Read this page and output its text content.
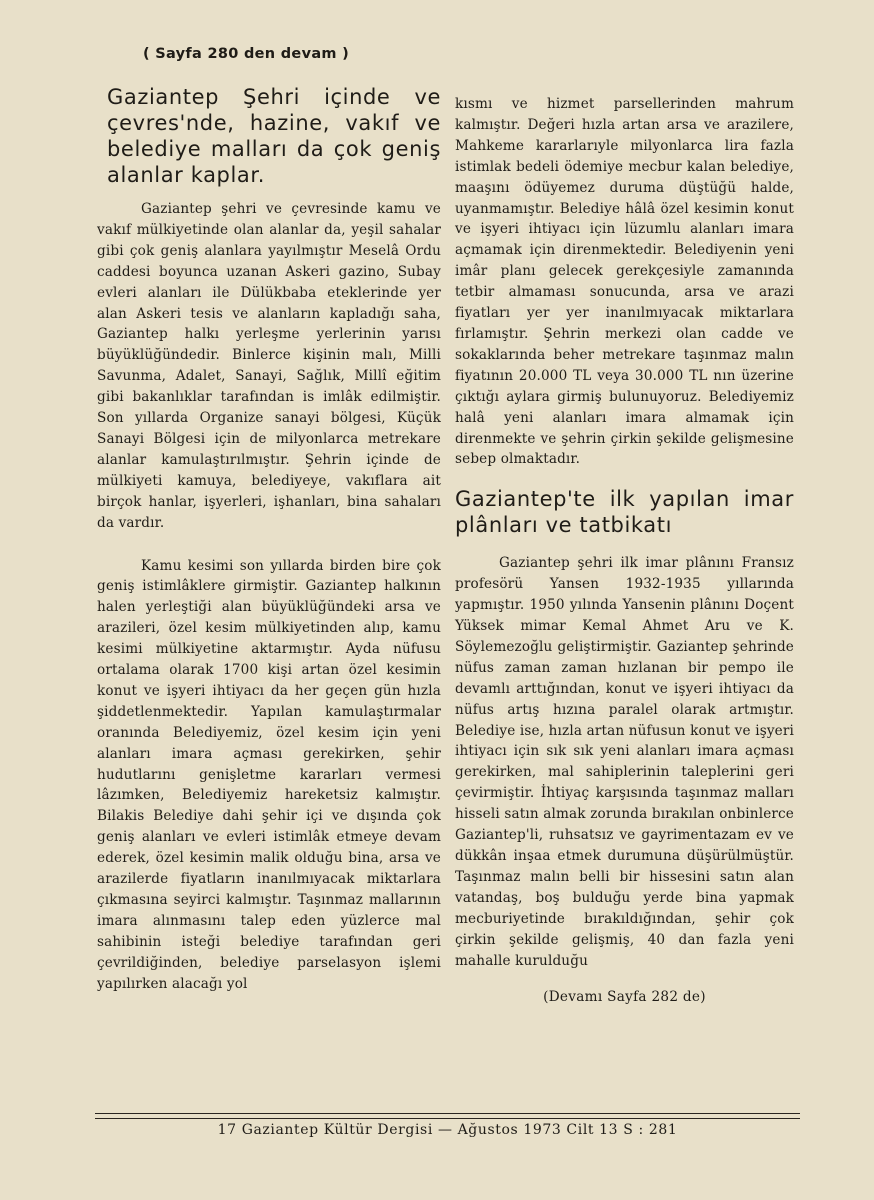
( Sayfa 280 den devam )
Gaziantep Şehri içinde ve çevres'nde, hazine, vakıf ve belediye malları da çok geniş alanlar kaplar.

Gaziantep şehri ve çevresinde kamu ve vakıf mülkiyetinde olan alanlar da, yeşil sahalar gibi çok geniş alanlara yayılmıştır Meselâ Ordu caddesi boyunca uzanan Askeri gazino, Subay evleri alanları ile Dülükbaba eteklerinde yer alan Askeri tesis ve alanların kapladığı saha, Gaziantep halkı yerleşme yerlerinin yarısı büyüklüğündedir. Binlerce kişinin malı, Milli Savunma, Adalet, Sanayi, Sağlık, Millî eğitim gibi bakanlıklar tarafından is imlâk edilmiştir. Son yıllarda Organize sanayi bölgesi, Küçük Sanayi Bölgesi için de milyonlarca metrekare alanlar kamulaştırılmıştır. Şehrin içinde de mülkiyeti kamuya, belediyeye, vakıflara ait birçok hanlar, işyerleri, işhanları, bina sahaları da vardır.

Kamu kesimi son yıllarda birden bire çok geniş istimlâklere girmiştir. Gaziantep halkının halen yerleştiği alan büyüklüğündeki arsa ve arazileri, özel kesim mülkiyetinden alıp, kamu kesimi mülkiyetine aktarmıştır. Ayda nüfusu ortalama olarak 1700 kişi artan özel kesimin konut ve işyeri ihtiyacı da her geçen gün hızla şiddetlenmektedir. Yapılan kamulaştırmalar oranında Belediyemiz, özel kesim için yeni alanları imara açması gerekirken, şehir hudutlarını genişletme kararları vermesi lâzımken, Belediyemiz hareketsiz kalmıştır. Bilakis Belediye dahi şehir içi ve dışında çok geniş alanları ve evleri istimlâk etmeye devam ederek, özel kesimin malik olduğu bina, arsa ve arazilerde fiyatların inanılmıyacak miktarlara çıkmasına seyirci kalmıştır. Taşınmaz mallarının imara alınmasını talep eden yüzlerce mal sahibinin isteği belediye tarafından geri çevrildiğinden, belediye parselasyon işlemi yapılırken alacağı yol

kısmı ve hizmet parsellerinden mahrum kalmıştır. Değeri hızla artan arsa ve arazilere, Mahkeme kararlarıyle milyonlarca lira fazla istimlak bedeli ödemiye mecbur kalan belediye, maaşını ödüyemez duruma düştüğü halde, uyanmamıştır. Belediye hâlâ özel kesimin konut ve işyeri ihtiyacı için lüzumlu alanları imara açmamak için direnmektedir. Belediyenin yeni imâr planı gelecek gerekçesiyle zamanında tetbir almaması sonucunda, arsa ve arazi fiyatları yer yer inanılmıyacak miktarlara fırlamıştır. Şehrin merkezi olan cadde ve sokaklarında beher metrekare taşınmaz malın fiyatının 20.000 TL veya 30.000 TL nın üzerine çıktığı aylara girmiş bulunuyoruz. Belediyemiz halâ yeni alanları imara almamak için direnmekte ve şehrin çirkin şekilde gelişmesine sebep olmaktadır.

Gaziantep'te ilk yapılan imar plânları ve tatbikatı

Gaziantep şehri ilk imar plânını Fransız profesörü Yansen 1932-1935 yıllarında yapmıştır. 1950 yılında Yansenin plânını Doçent Yüksek mimar Kemal Ahmet Aru ve K. Söylemezoğlu geliştirmiştir. Gaziantep şehrinde nüfus zaman zaman hızlanan bir pempo ile devamlı arttığından, konut ve işyeri ihtiyacı da nüfus artış hızına paralel olarak artmıştır. Belediye ise, hızla artan nüfusun konut ve işyeri ihtiyacı için sık sık yeni alanları imara açması gerekirken, mal sahiplerinin taleplerini geri çevirmiştir. İhtiyaç karşısında taşınmaz malları hisseli satın almak zorunda bırakılan onbinlerce Gaziantep'li, ruhsatsız ve gayrimentazam ev ve dükkân inşaa etmek durumuna düşürülmüştür. Taşınmaz malın belli bir hissesini satın alan vatandaş, boş bulduğu yerde bina yapmak mecburiyetinde bırakıldığından, şehir çok çirkin şekilde gelişmiş, 40 dan fazla yeni mahalle kurulduğu

(Devamı Sayfa 282 de)
17 Gaziantep Kültür Dergisi — Ağustos 1973 Cilt 13 S : 281
